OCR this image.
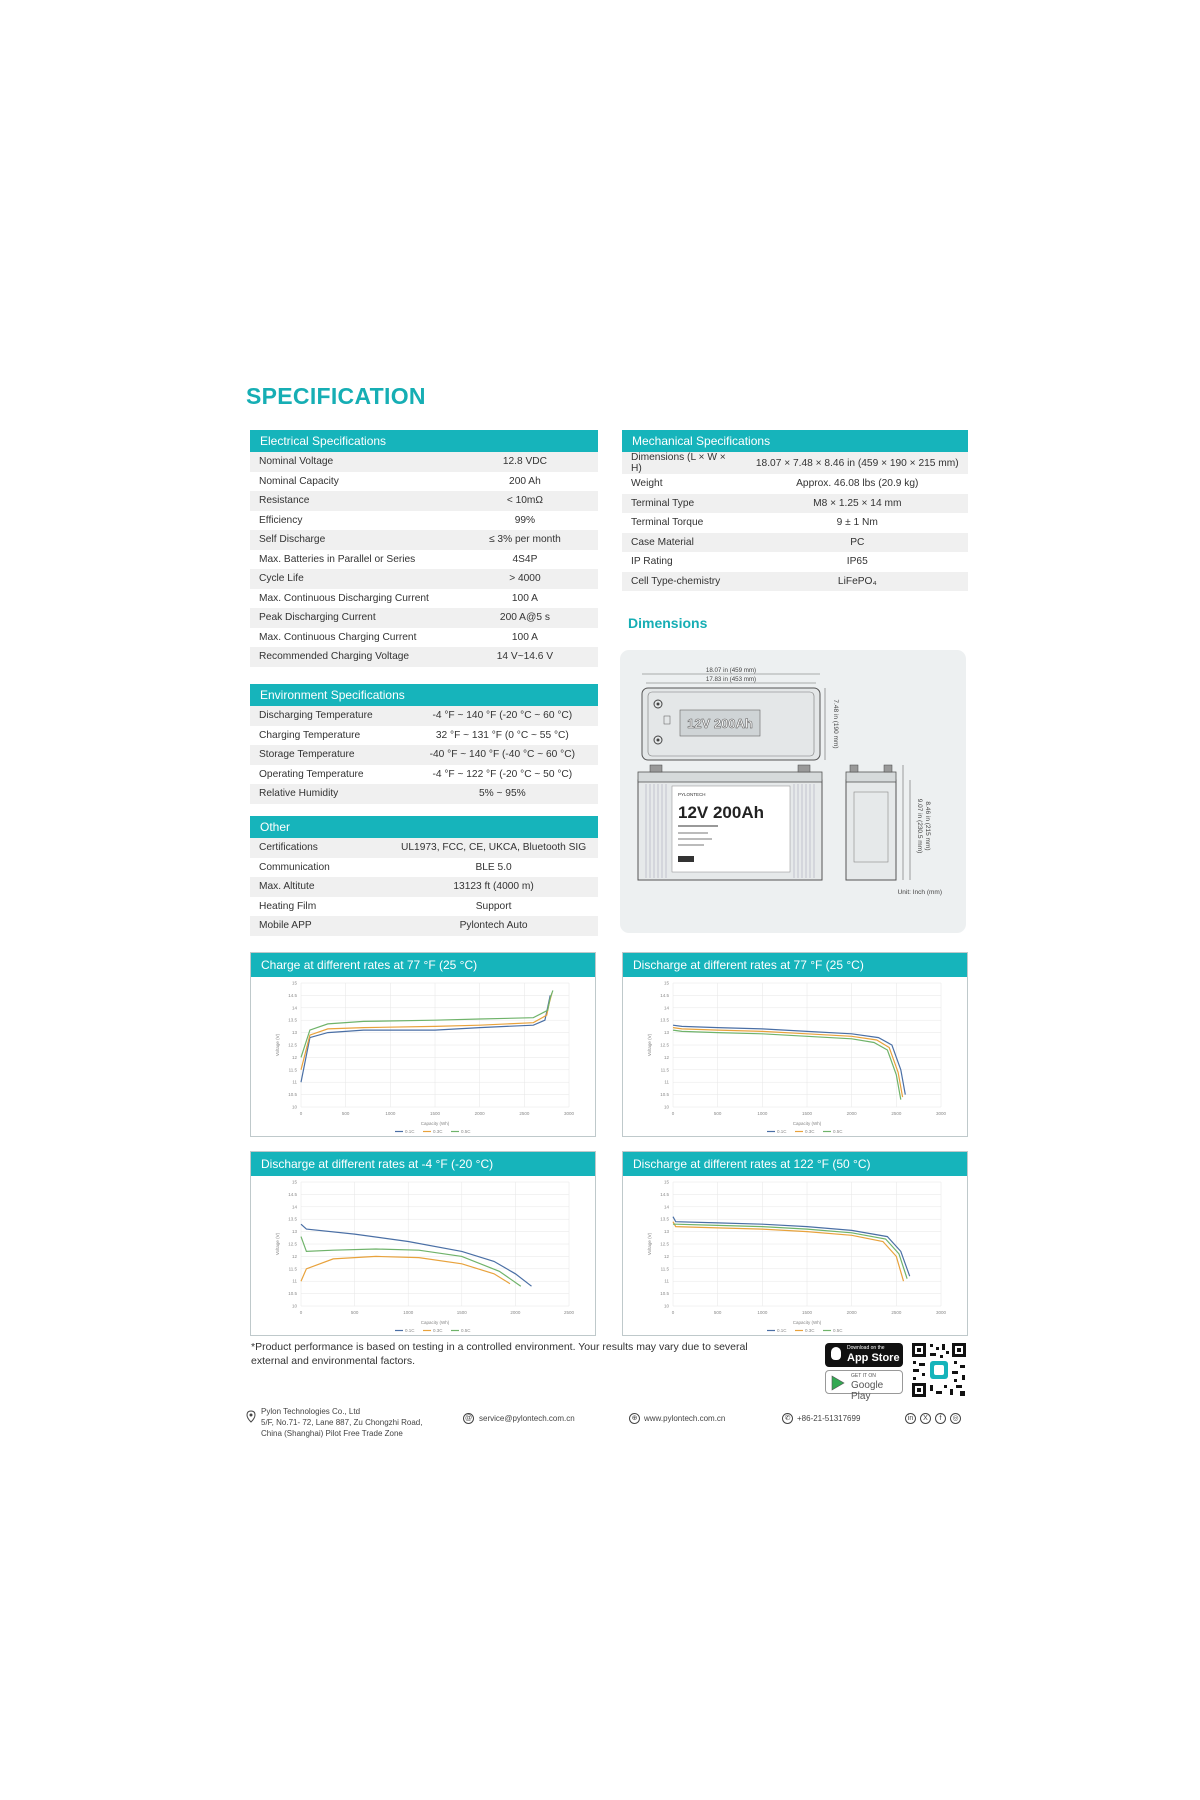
SPECIFICATION
Electrical Specifications
Nominal Voltage	12.8 VDC
Nominal Capacity	200 Ah
Resistance	< 10mΩ
Efficiency	99%
Self Discharge	≤ 3% per month
Max. Batteries in Parallel or Series	4S4P
Cycle Life	> 4000
Max. Continuous Discharging Current	100 A
Peak Discharging Current	200 A@5 s
Max. Continuous Charging Current	100 A
Recommended Charging Voltage	14 V~14.6 V
Environment Specifications
Discharging Temperature	-4 °F ~ 140 °F (-20 °C ~ 60 °C)
Charging Temperature	32 °F ~ 131 °F (0 °C ~ 55 °C)
Storage Temperature	-40 °F ~ 140 °F (-40 °C ~ 60 °C)
Operating Temperature	-4 °F ~ 122 °F (-20 °C ~ 50 °C)
Relative Humidity	5% ~ 95%
Other
Certifications	UL1973, FCC, CE, UKCA, Bluetooth SIG
Communication	BLE 5.0
Max. Altitute	13123 ft (4000 m)
Heating Film	Support
Mobile APP	Pylontech Auto
Mechanical Specifications
Dimensions (L × W × H)	18.07 × 7.48 × 8.46 in (459 × 190 × 215 mm)
Weight	Approx. 46.08 lbs (20.9 kg)
Terminal Type	M8 × 1.25 × 14 mm
Terminal Torque	9 ± 1 Nm
Case Material	PC
IP Rating	IP65
Cell Type-chemistry	LiFePO₄
Dimensions
18.07 in (459 mm)
17.83 in (453 mm)
12V 200Ah	7.48 in (190 mm)
PYLONTECH
12V 200Ah	9.07 in (230.5 mm) 8.46 in (215 mm)
Unit: Inch (mm)
Charge at different rates at 77 °F (25 °C)
10
10.5
11
11.5
12
12.5
13
13.5
14
14.5
15
0	500	1000	1500	2000	2500	3000
Capacity (Wh)
Voltage (V)
0.1C	0.3C	0.5C
Discharge at different rates at 77 °F (25 °C)
10
10.5
11
11.5
12
12.5
13
13.5
14
14.5
15
0	500	1000	1500	2000	2500	3000
Capacity (Wh)
Voltage (V)
0.1C	0.3C	0.5C
Discharge at different rates at -4 °F (-20 °C)
10
10.5
11
11.5
12
12.5
13
13.5
14
14.5
15
0	500	1000	1500	2000	2500
Capacity (Wh)
Voltage (V)
0.1C	0.3C	0.5C
Discharge at different rates at 122 °F (50 °C)
10
10.5
11
11.5
12
12.5
13
13.5
14
14.5
15
0	500	1000	1500	2000	2500	3000
Capacity (Wh)
Voltage (V)
0.1C	0.3C	0.5C
*Product performance is based on testing in a controlled environment. Your results may vary due to several external and environmental factors.
Download on the
App Store
GET IT ON
Google Play
Pylon Technologies Co., Ltd
5/F, No.71- 72, Lane 887, Zu Chongzhi Road,
China (Shanghai) Pilot Free Trade Zone
@ service@pylontech.com.cn	⊕ www.pylontech.com.cn	✆ +86-21-51317699	in	X	f	◎
